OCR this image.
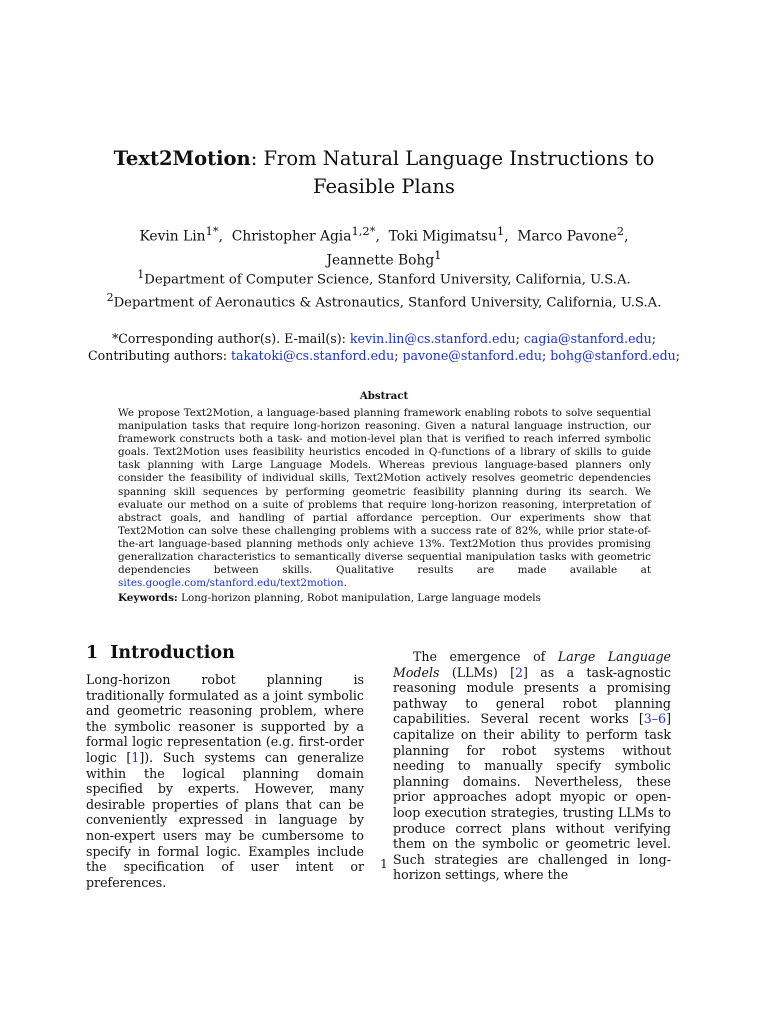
Text2Motion: From Natural Language Instructions to
Feasible Plans
Kevin Lin$^{1*}$,  Christopher Agia$^{1,2*}$,  Toki Migimatsu$^1$,  Marco Pavone$^2$,
Jeannette Bohg$^1$
$^1$Department of Computer Science, Stanford University, California, U.S.A.
$^2$Department of Aeronautics & Astronautics, Stanford University, California, U.S.A.
*Corresponding author(s). E-mail(s): kevin.lin@cs.stanford.edu; cagia@stanford.edu;
Contributing authors: takatoki@cs.stanford.edu; pavone@stanford.edu; bohg@stanford.edu;
Abstract
We propose Text2Motion, a language-based planning framework enabling robots to solve sequential manipulation tasks that require long-horizon reasoning. Given a natural language instruction, our framework constructs both a task- and motion-level plan that is verified to reach inferred symbolic goals. Text2Motion uses feasibility heuristics encoded in Q-functions of a library of skills to guide task planning with Large Language Models. Whereas previous language-based planners only consider the feasibility of individual skills, Text2Motion actively resolves geometric dependencies spanning skill sequences by performing geometric feasibility planning during its search. We evaluate our method on a suite of problems that require long-horizon reasoning, interpretation of abstract goals, and handling of partial affordance perception. Our experiments show that Text2Motion can solve these challenging problems with a success rate of 82%, while prior state-of-the-art language-based planning methods only achieve 13%. Text2Motion thus provides promising generalization characteristics to semantically diverse sequential manipulation tasks with geometric dependencies between skills. Qualitative results are made available at sites.google.com/stanford.edu/text2motion.
Keywords: Long-horizon planning, Robot manipulation, Large language models
1 Introduction
Long-horizon robot planning is traditionally formulated as a joint symbolic and geometric reasoning problem, where the symbolic reasoner is supported by a formal logic representation (e.g. first-order logic [1]). Such systems can generalize within the logical planning domain specified by experts. However, many desirable properties of plans that can be conveniently expressed in language by non-expert users may be cumbersome to specify in formal logic. Examples include the specification of user intent or preferences.
The emergence of Large Language Models (LLMs) [2] as a task-agnostic reasoning module presents a promising pathway to general robot planning capabilities. Several recent works [3–6] capitalize on their ability to perform task planning for robot systems without needing to manually specify symbolic planning domains. Nevertheless, these prior approaches adopt myopic or open-loop execution strategies, trusting LLMs to produce correct plans without verifying them on the symbolic or geometric level. Such strategies are challenged in long-horizon settings, where the
1
